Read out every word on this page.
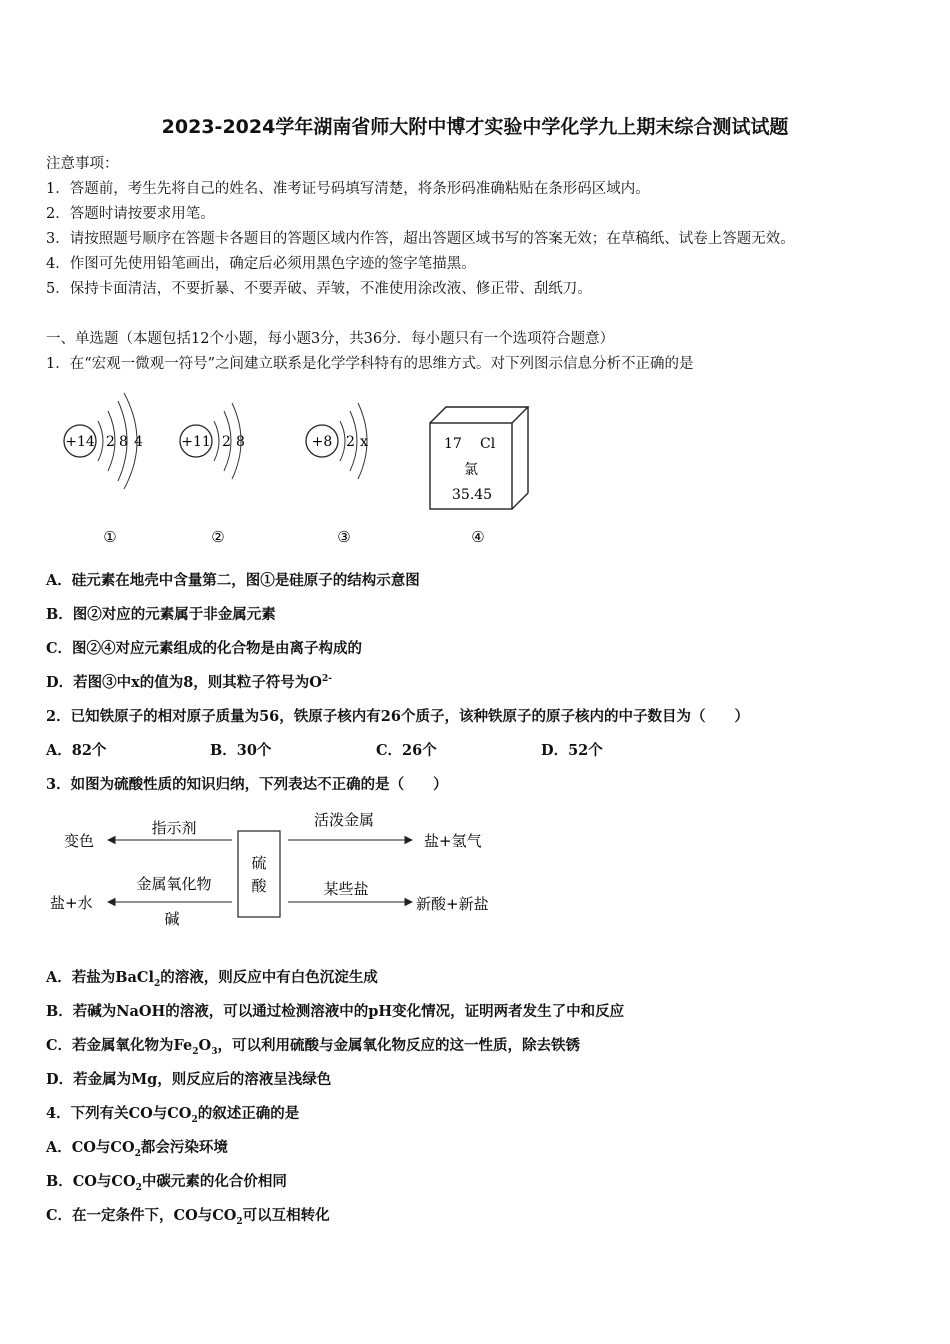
2023-2024学年湖南省师大附中博才实验中学化学九上期末综合测试试题
注意事项：
1．答题前，考生先将自己的姓名、准考证号码填写清楚，将条形码准确粘贴在条形码区域内。
2．答题时请按要求用笔。
3．请按照题号顺序在答题卡各题目的答题区域内作答，超出答题区域书写的答案无效；在草稿纸、试卷上答题无效。
4．作图可先使用铅笔画出，确定后必须用黑色字迹的签字笔描黑。
5．保持卡面清洁，不要折暴、不要弄破、弄皱，不准使用涂改液、修正带、刮纸刀。
一、单选题（本题包括12个小题，每小题3分，共36分．每小题只有一个选项符合题意）
1．在“宏观一微观一符号”之间建立联系是化学学科特有的思维方式。对下列图示信息分析不正确的是
+14 2 8 4
①
+11 2 8
②
+8 2 x
③
17 Cl
氯
35.45
④
A．硅元素在地壳中含量第二，图①是硅原子的结构示意图
B．图②对应的元素属于非金属元素
C．图②④对应元素组成的化合物是由离子构成的
D．若图③中x的值为8，则其粒子符号为$O^{2-}$
2．已知铁原子的相对原子质量为56，铁原子核内有26个质子，该种铁原子的原子核内的中子数目为（　　）
A．82个	B．30个	C．26个	D．52个
3．如图为硫酸性质的知识归纳，下列表达不正确的是（　　）
硫
酸
指示剂
变色
活泼金属
盐+氢气
金属氧化物
碱
盐+水
某些盐
新酸+新盐
A．若盐为BaCl$_2$的溶液，则反应中有白色沉淀生成
B．若碱为NaOH的溶液，可以通过检测溶液中的pH变化情况，证明两者发生了中和反应
C．若金属氧化物为$Fe_2O_3$，可以利用硫酸与金属氧化物反应的这一性质，除去铁锈
D．若金属为Mg，则反应后的溶液呈浅绿色
4．下列有关CO与$CO_2$的叙述正确的是
A．CO与$CO_2$都会污染环境
B．CO与$CO_2$中碳元素的化合价相同
C．在一定条件下，CO与$CO_2$可以互相转化
